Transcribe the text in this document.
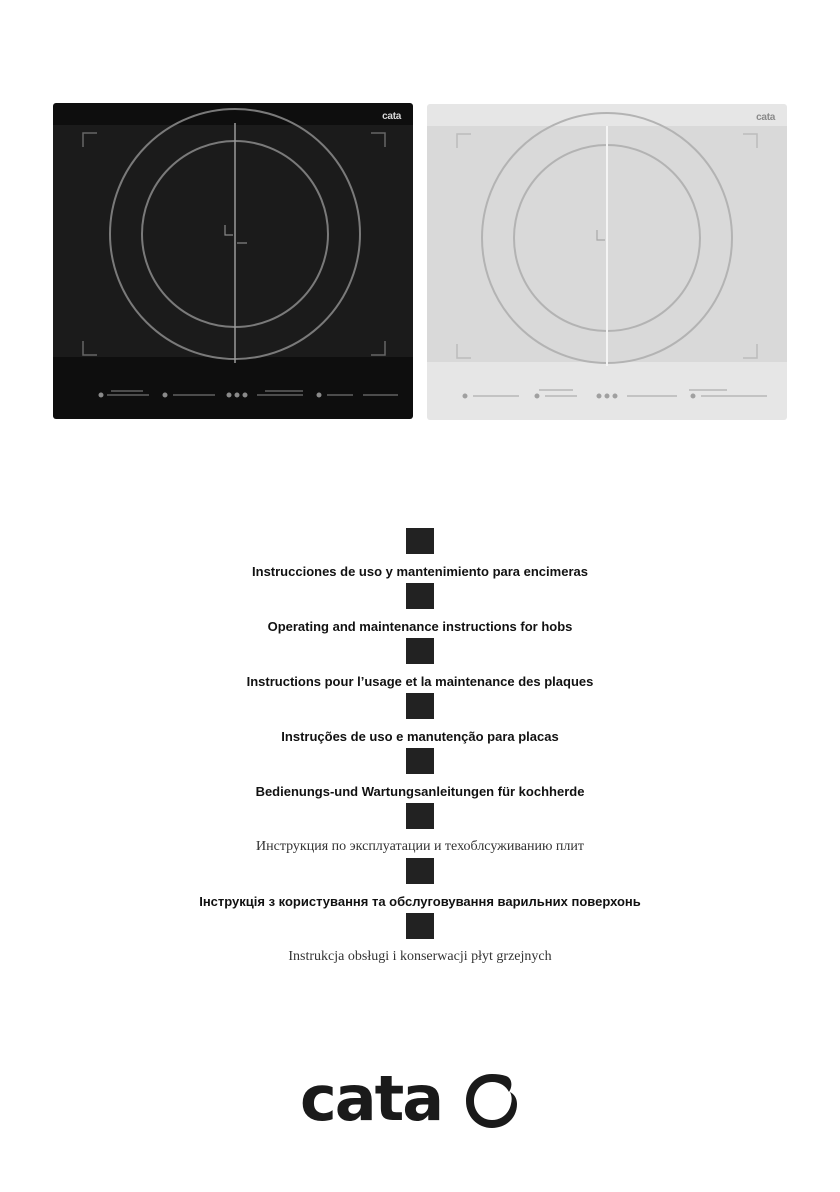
cata	cata
Instrucciones de uso y mantenimiento para encimeras
Operating and maintenance instructions for hobs
Instructions pour l’usage et la maintenance des plaques
Instruções de uso e manutenção para placas
Bedienungs-und Wartungsanleitungen für kochherde
Инструкция по эксплуатации и техоблсуживанию плит
Інструкція з користування та обслуговування варильних поверхонь
Instrukcja obsługi i konserwacji płyt grzejnych
cata
